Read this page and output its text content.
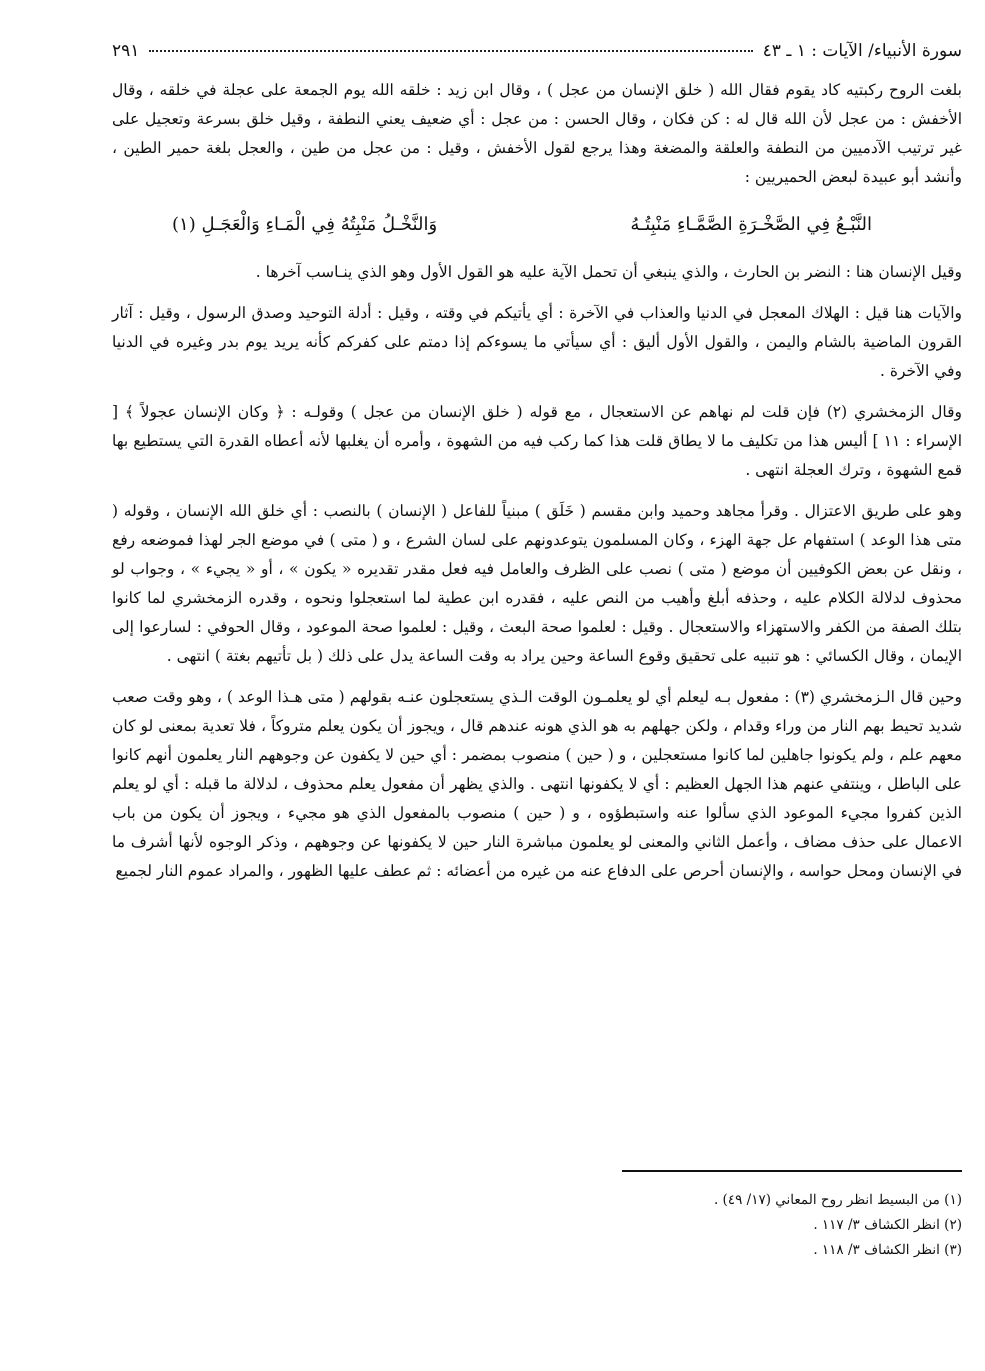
سورة الأنبياء/ الآيات : ١ ـ ٤٣
٢٩١

بلغت الروح ركبتيه كاد يقوم فقال الله ( خلق الإنسان من عجل ) ، وقال ابن زيد : خلقه الله يوم الجمعة على عجلة في خلقه ، وقال الأخفش : من عجل لأن الله قال له : كن فكان ، وقال الحسن : من عجل : أي ضعيف يعني النطفة ، وقيل خلق بسرعة وتعجيل على غير ترتيب الآدميين من النطفة والعلقة والمضغة وهذا يرجع لقول الأخفش ، وقيل : من عجل من طين ، والعجل بلغة حمير الطين ، وأنشد أبو عبيدة لبعض الحميريين :

النَّبْـعُ فِي الصَّخْـرَةِ الصَّمَّـاءِ مَنْبِتُـهُ
وَالنَّخْـلُ مَنْبِتُهُ فِي الْمَـاءِ وَالْعَجَـلِ (١)

وقيل الإنسان هنا : النضر بن الحارث ، والذي ينبغي أن تحمل الآية عليه هو القول الأول وهو الذي ينـاسب آخرها .

والآيات هنا قيل : الهلاك المعجل في الدنيا والعذاب في الآخرة : أي يأتيكم في وقته ، وقيل : أدلة التوحيد وصدق الرسول ، وقيل : آثار القرون الماضية بالشام واليمن ، والقول الأول أليق : أي سيأتي ما يسوءكم إذا دمتم على كفركم كأنه يريد يوم بدر وغيره في الدنيا وفي الآخرة .

وقال الزمخشري (٢) فإن قلت لم نهاهم عن الاستعجال ، مع قوله ( خلق الإنسان من عجل ) وقولـه : ﴿ وكان الإنسان عجولاً ﴾ [ الإسراء : ١١ ] أليس هذا من تكليف ما لا يطاق قلت هذا كما ركب فيه من الشهوة ، وأمره أن يغلبها لأنه أعطاه القدرة التي يستطيع بها قمع الشهوة ، وترك العجلة انتهى .

وهو على طريق الاعتزال . وقرأ مجاهد وحميد وابن مقسم ( خَلَق ) مبنياً للفاعل ( الإنسان ) بالنصب : أي خلق الله الإنسان ، وقوله ( متى هذا الوعد ) استفهام عل جهة الهزء ، وكان المسلمون يتوعدونهم على لسان الشرع ، و ( متى ) في موضع الجر لهذا فموضعه رفع ، ونقل عن بعض الكوفيين أن موضع ( متى ) نصب على الظرف والعامل فيه فعل مقدر تقديره « يكون » ، أو « يجيء » ، وجواب لو محذوف لدلالة الكلام عليه ، وحذفه أبلغ وأهيب من النص عليه ، فقدره ابن عطية لما استعجلوا ونحوه ، وقدره الزمخشري لما كانوا بتلك الصفة من الكفر والاستهزاء والاستعجال . وقيل : لعلموا صحة البعث ، وقيل : لعلموا صحة الموعود ، وقال الحوفي : لسارعوا إلى الإيمان ، وقال الكسائي : هو تنبيه على تحقيق وقوع الساعة وحين يراد به وقت الساعة يدل على ذلك ( بل تأتيهم بغتة ) انتهى .

وحين قال الـزمخشري (٣) : مفعول بـه ليعلم أي لو يعلمـون الوقت الـذي يستعجلون عنـه بقولهم ( متى هـذا الوعد ) ، وهو وقت صعب شديد تحيط بهم النار من وراء وقدام ، ولكن جهلهم به هو الذي هونه عندهم قال ، ويجوز أن يكون يعلم متروكاً ، فلا تعدية بمعنى لو كان معهم علم ، ولم يكونوا جاهلين لما كانوا مستعجلين ، و ( حين ) منصوب بمضمر : أي حين لا يكفون عن وجوههم النار يعلمون أنهم كانوا على الباطل ، وينتفي عنهم هذا الجهل العظيم : أي لا يكفونها انتهى . والذي يظهر أن مفعول يعلم محذوف ، لدلالة ما قبله : أي لو يعلم الذين كفروا مجيء الموعود الذي سألوا عنه واستبطؤوه ، و ( حين ) منصوب بالمفعول الذي هو مجيء ، ويجوز أن يكون من باب الاعمال على حذف مضاف ، وأعمل الثاني والمعنى لو يعلمون مباشرة النار حين لا يكفونها عن وجوههم ، وذكر الوجوه لأنها أشرف ما في الإنسان ومحل حواسه ، والإنسان أحرص على الدفاع عنه من غيره من أعضائه : ثم عطف عليها الظهور ، والمراد عموم النار لجميع

(١) من البسيط انظر روح المعاني (١٧/ ٤٩) .
(٢) انظر الكشاف ٣/ ١١٧ .
(٣) انظر الكشاف ٣/ ١١٨ .
